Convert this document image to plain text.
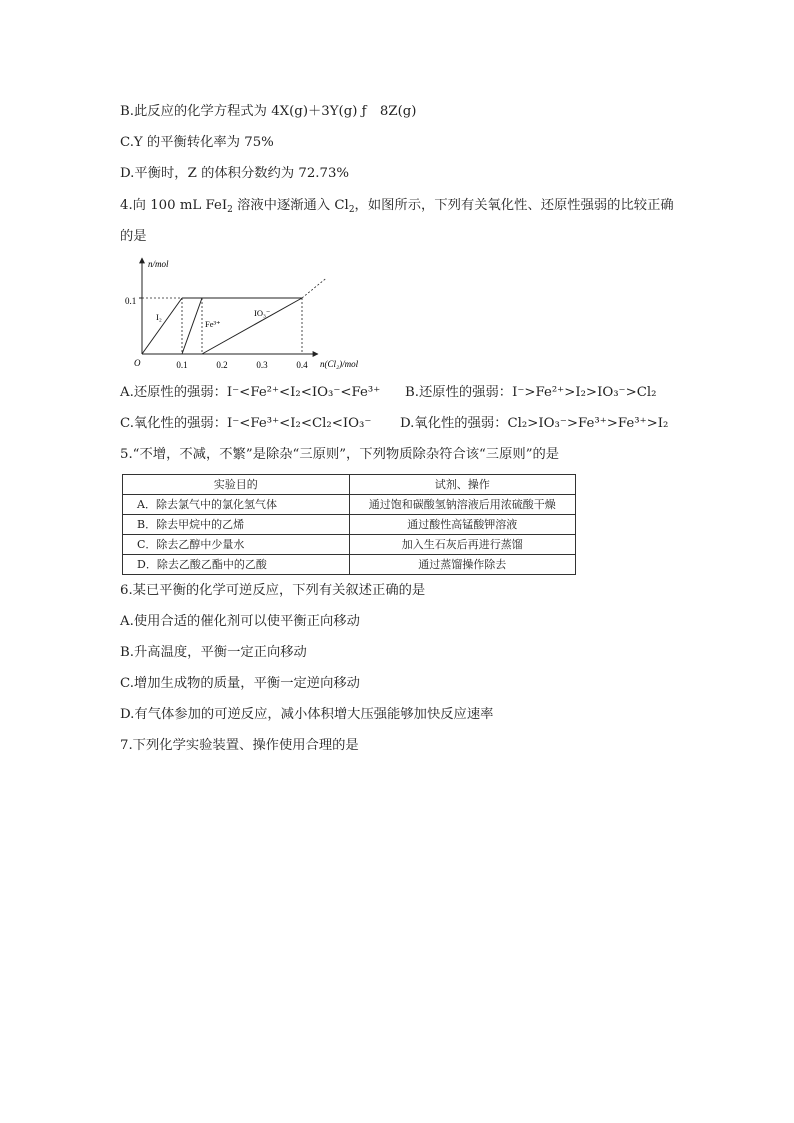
B.此反应的化学方程式为 4X(g)＋3Y(g) ƒ　8Z(g)
C.Y 的平衡转化率为 75%
D.平衡时，Z 的体积分数约为 72.73%
4.向 100 mL FeI$_2$ 溶液中逐渐通入 $Cl_2$，如图所示，下列有关氧化性、还原性强弱的比较正确
的是
n/mol
n(Cl₂)/mol
O
0.1
0.1	0.2	0.3	0.4
I₂
Fe³⁺
IO₃⁻
A.还原性的强弱：I⁻<Fe²⁺<I₂<IO₃⁻<Fe³⁺ B.还原性的强弱：I⁻>Fe²⁺>I₂>IO₃⁻>Cl₂
C.氧化性的强弱：I⁻<Fe³⁺<I₂<Cl₂<IO₃⁻ D.氧化性的强弱：Cl₂>IO₃⁻>Fe³⁺>Fe³⁺>I₂
5.“不增，不减，不繁”是除杂“三原则”，下列物质除杂符合该“三原则”的是
实验目的	试剂、操作
A．除去氯气中的氯化氢气体	通过饱和碳酸氢钠溶液后用浓硫酸干燥
B．除去甲烷中的乙烯	通过酸性高锰酸钾溶液
C．除去乙醇中少量水	加入生石灰后再进行蒸馏
D．除去乙酸乙酯中的乙酸	通过蒸馏操作除去
6.某已平衡的化学可逆反应，下列有关叙述正确的是
A.使用合适的催化剂可以使平衡正向移动
B.升高温度，平衡一定正向移动
C.增加生成物的质量，平衡一定逆向移动
D.有气体参加的可逆反应，减小体积增大压强能够加快反应速率
7.下列化学实验装置、操作使用合理的是
